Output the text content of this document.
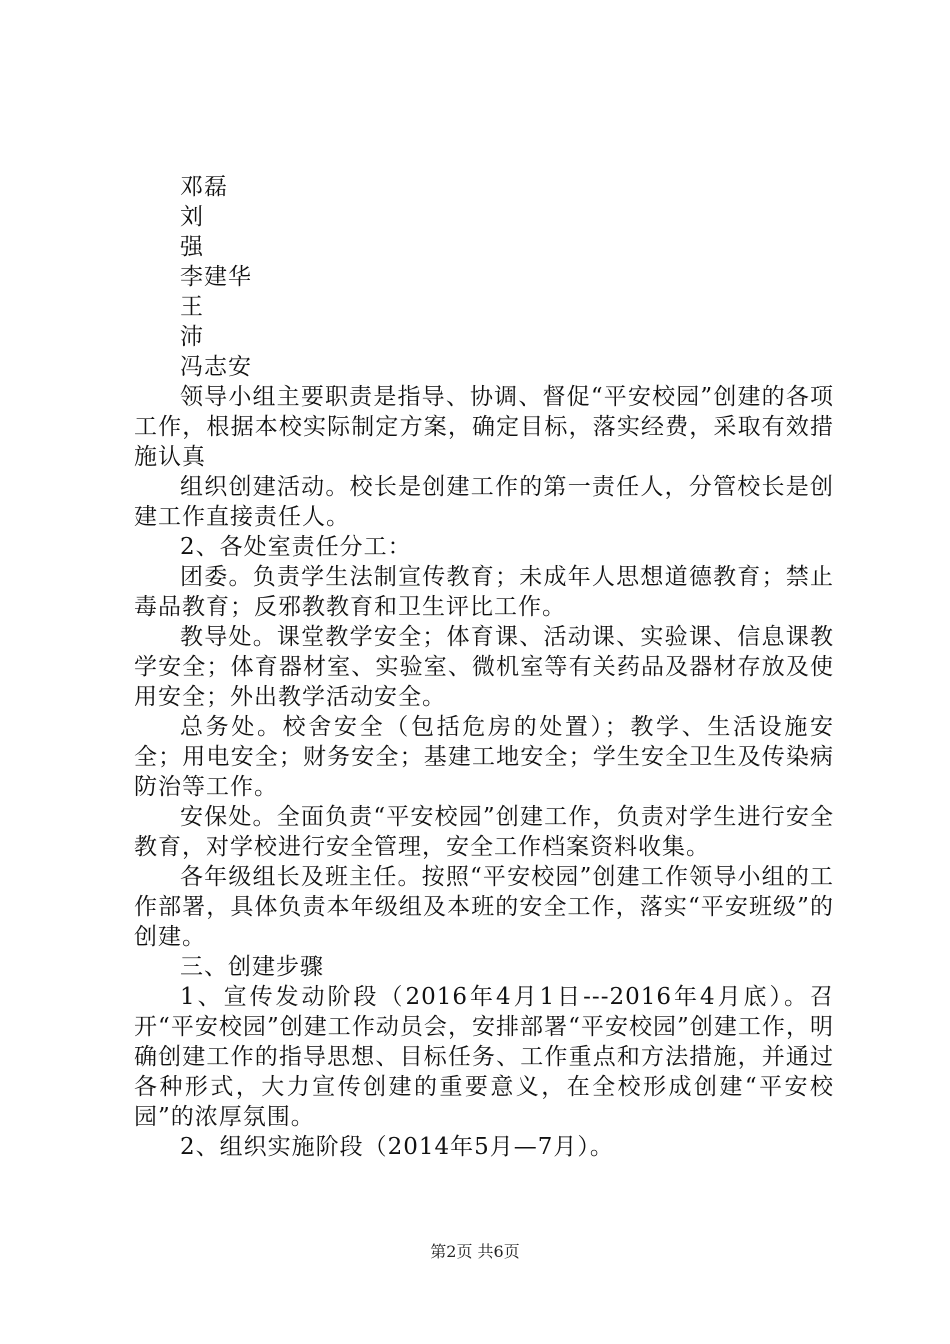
邓磊
刘
强
李建华
王
沛
冯志安
领导小组主要职责是指导、协调、督促“平安校园”创建的各项工作，根据本校实际制定方案，确定目标，落实经费，采取有效措施认真
组织创建活动。校长是创建工作的第一责任人，分管校长是创建工作直接责任人。
2、各处室责任分工：
团委。负责学生法制宣传教育；未成年人思想道德教育；禁止毒品教育；反邪教教育和卫生评比工作。
教导处。课堂教学安全；体育课、活动课、实验课、信息课教学安全；体育器材室、实验室、微机室等有关药品及器材存放及使用安全；外出教学活动安全。
总务处。校舍安全（包括危房的处置）；教学、生活设施安全；用电安全；财务安全；基建工地安全；学生安全卫生及传染病防治等工作。
安保处。全面负责“平安校园”创建工作，负责对学生进行安全教育，对学校进行安全管理，安全工作档案资料收集。
各年级组长及班主任。按照“平安校园”创建工作领导小组的工作部署，具体负责本年级组及本班的安全工作，落实“平安班级”的创建。
三、创建步骤
1、宣传发动阶段（2016年4月1日---2016年4月底）。召开“平安校园”创建工作动员会，安排部署“平安校园”创建工作，明确创建工作的指导思想、目标任务、工作重点和方法措施，并通过各种形式，大力宣传创建的重要意义，在全校形成创建“平安校园”的浓厚氛围。
2、组织实施阶段（2014年5月—7月）。
第2页 共6页
